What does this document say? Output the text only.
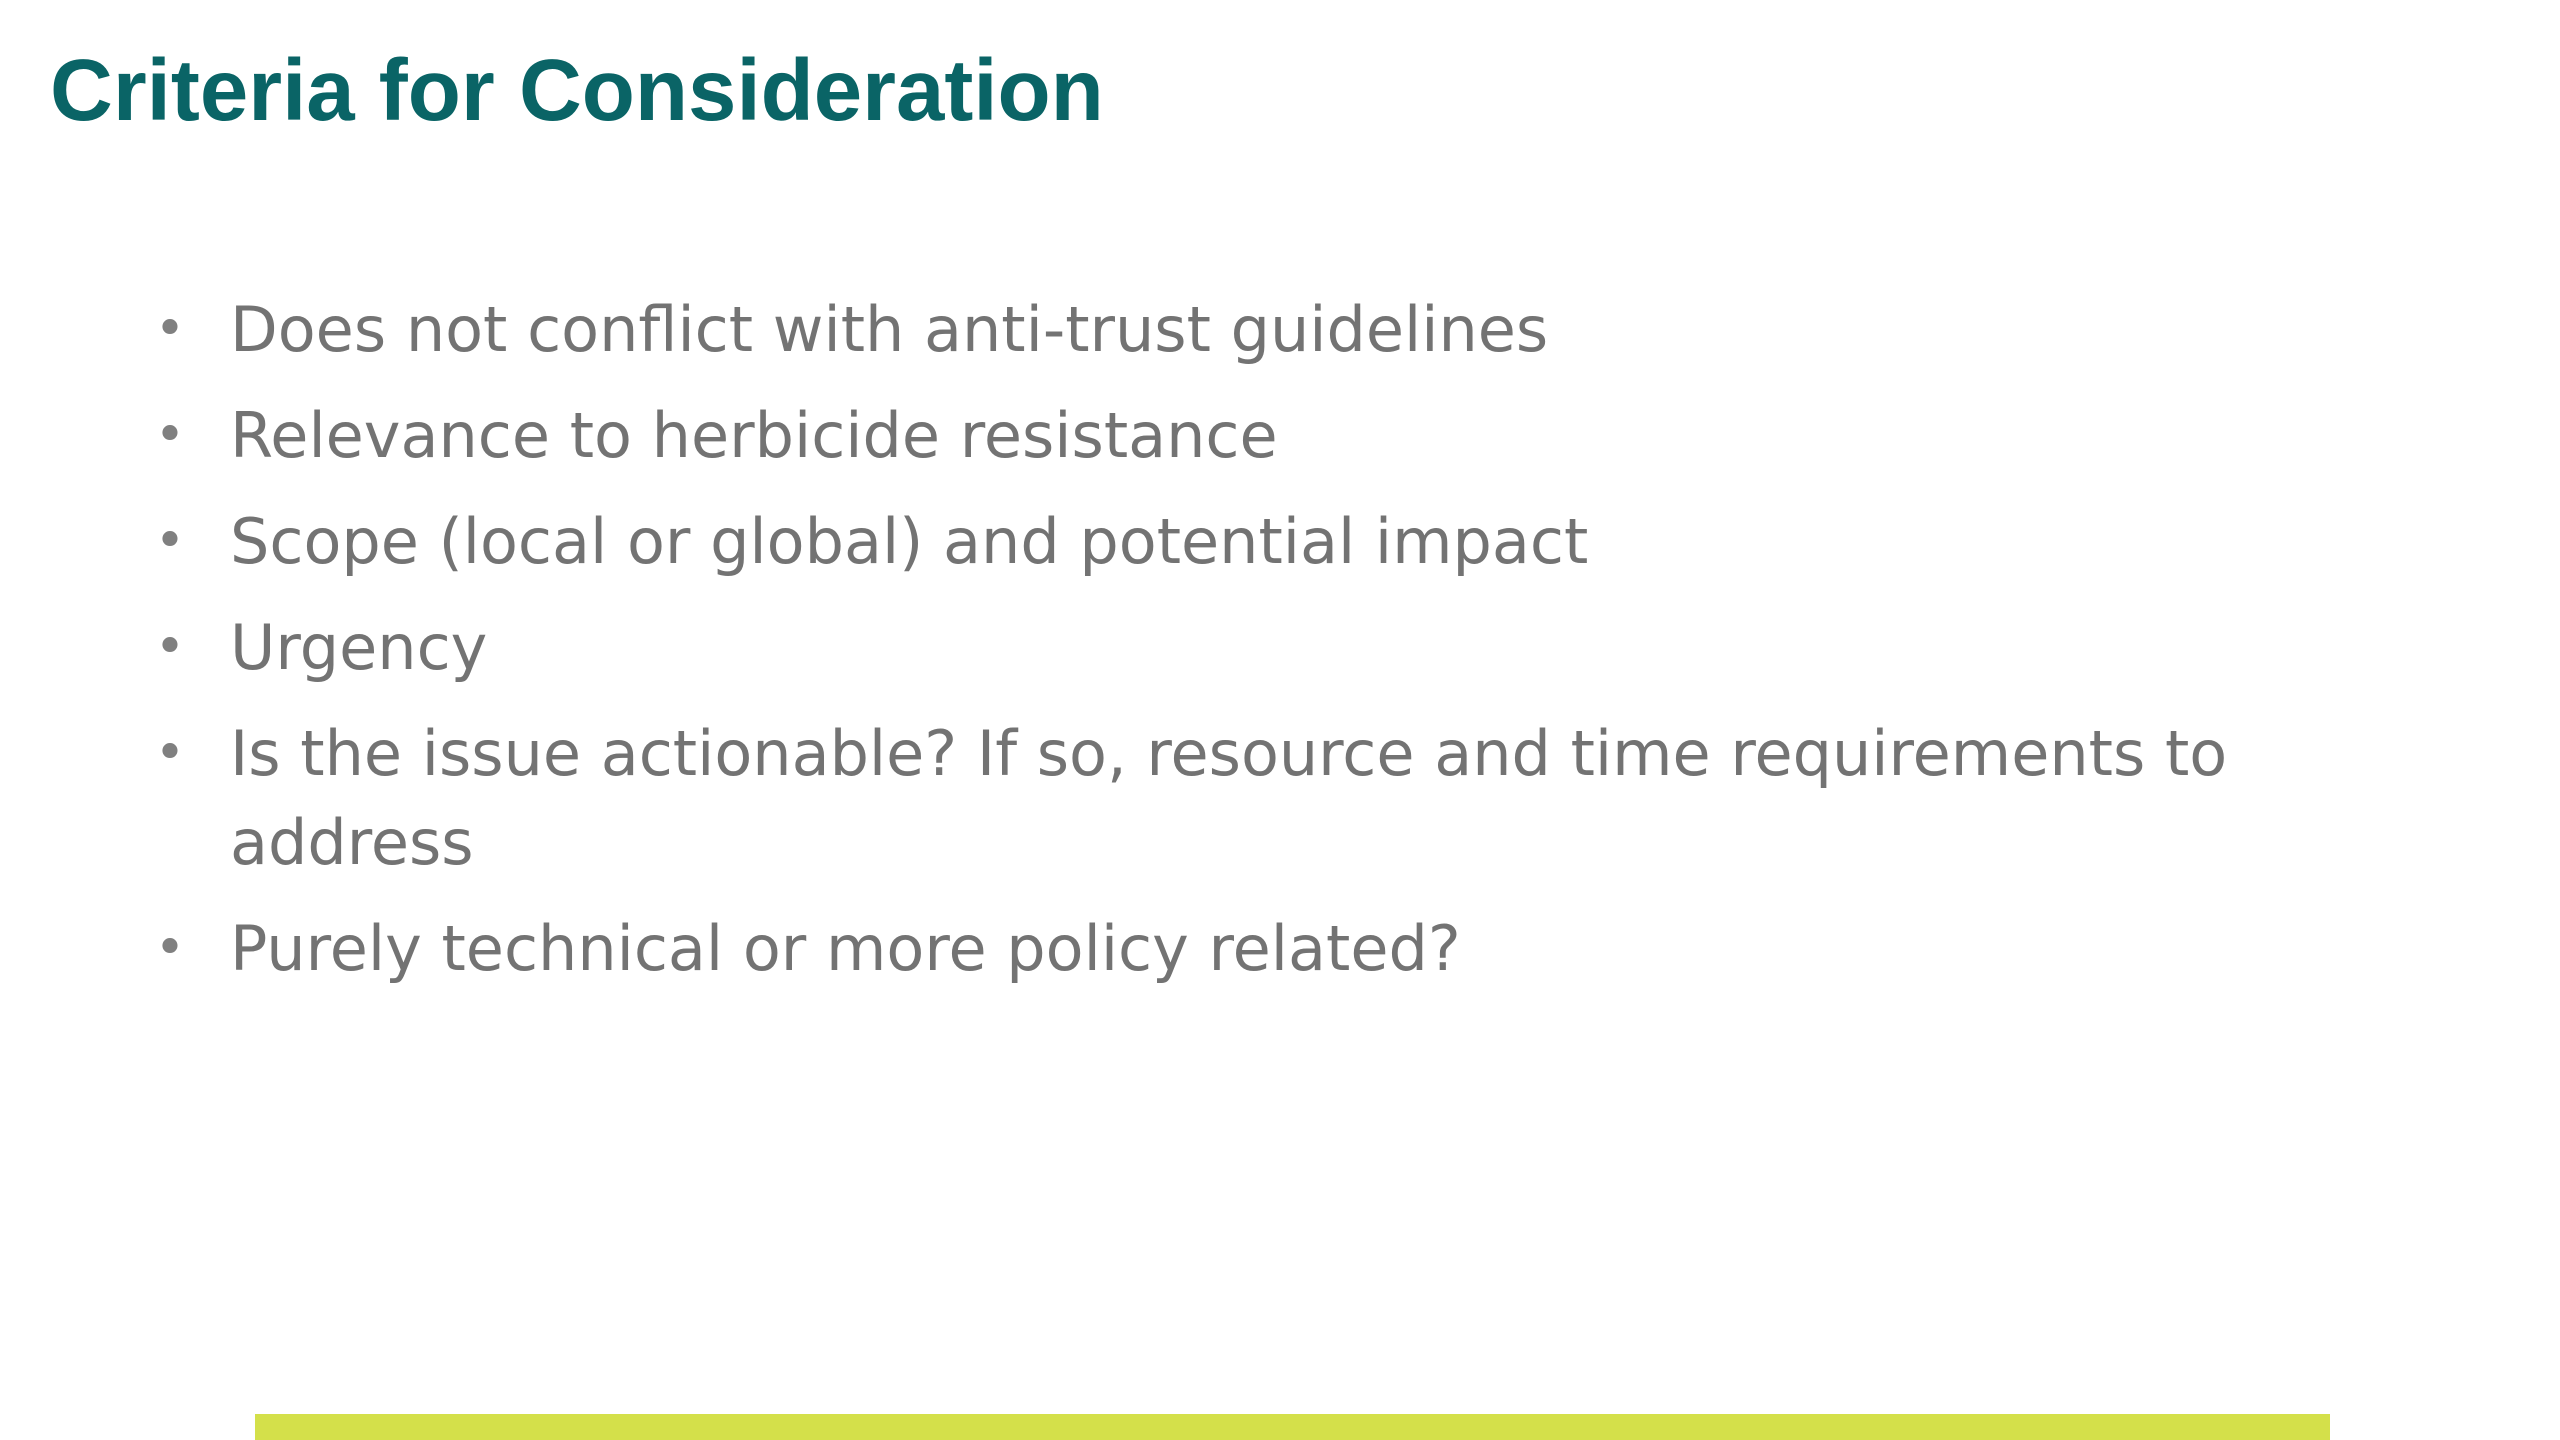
Criteria for Consideration
• Does not conflict with anti-trust guidelines
• Relevance to herbicide resistance
• Scope (local or global) and potential impact
• Urgency
• Is the issue actionable? If so, resource and time requirements to address
• Purely technical or more policy related?
